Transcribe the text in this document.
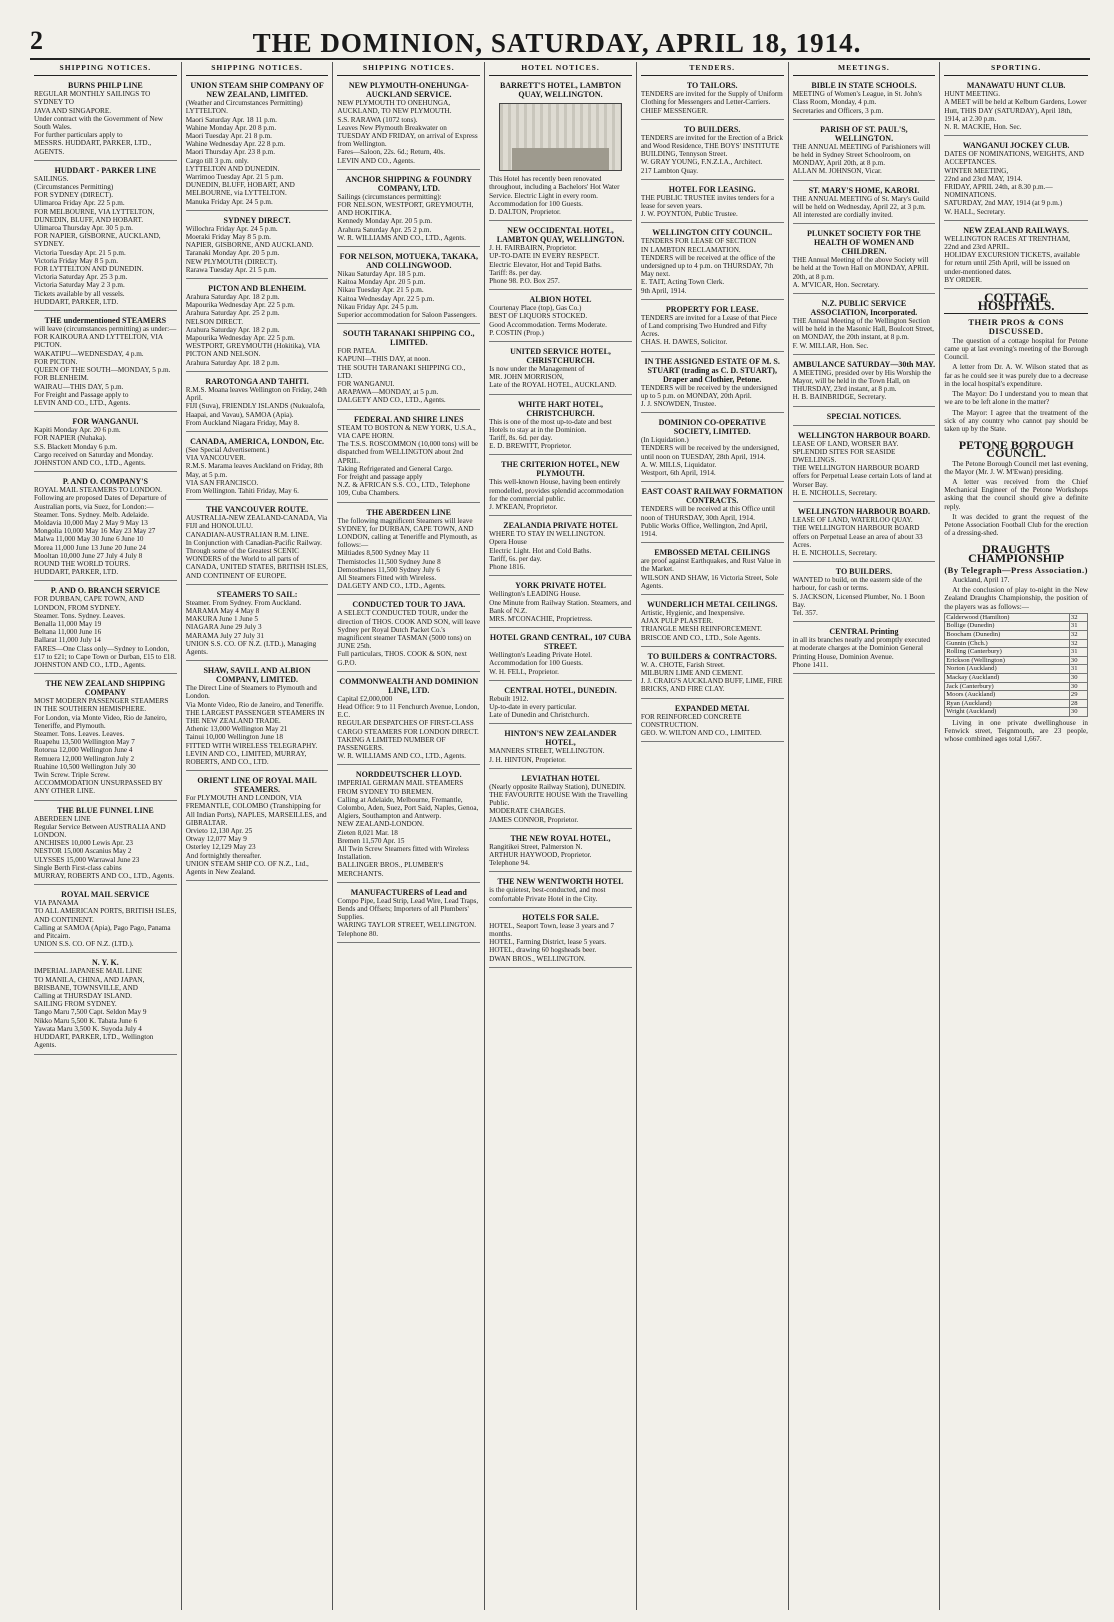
2	THE DOMINION, SATURDAY, APRIL 18, 1914.
SHIPPING NOTICES.
BURNS PHILP LINE
REGULAR MONTHLY SAILINGS TO SYDNEY TO
JAVA AND SINGAPORE.
Under contract with the Government of New South Wales.
For further particulars apply to
MESSRS. HUDDART, PARKER, LTD., AGENTS.
HUDDART - PARKER LINE
SAILINGS.
(Circumstances Permitting)
FOR SYDNEY (DIRECT).
Ulimaroa Friday Apr. 22 5 p.m.
FOR MELBOURNE, VIA LYTTELTON, DUNEDIN, BLUFF, AND HOBART.
Ulimaroa Thursday Apr. 30 5 p.m.
FOR NAPIER, GISBORNE, AUCKLAND, SYDNEY.
Victoria Tuesday Apr. 21 5 p.m.
Victoria Friday May 8 5 p.m.
FOR LYTTELTON AND DUNEDIN.
Victoria Saturday Apr. 25 3 p.m.
Victoria Saturday May 2 3 p.m.
Tickets available by all vessels.
HUDDART, PARKER, LTD.
THE undermentioned STEAMERS
will leave (circumstances permitting) as under:—
FOR KAIKOURA AND LYTTELTON, VIA PICTON.
WAKATIPU—WEDNESDAY, 4 p.m.
FOR PICTON.
QUEEN OF THE SOUTH—MONDAY, 5 p.m.
FOR BLENHEIM.
WAIRAU—THIS DAY, 5 p.m.
For Freight and Passage apply to
LEVIN AND CO., LTD., Agents.
FOR WANGANUI.
Kapiti Monday Apr. 20 6 p.m.
FOR NAPIER (Nuhaka).
S.S. Blackett Monday 6 p.m.
Cargo received on Saturday and Monday.
JOHNSTON AND CO., LTD., Agents.
P. AND O. COMPANY'S
ROYAL MAIL STEAMERS TO LONDON.
Following are proposed Dates of Departure of Australian ports, via Suez, for London:—
Steamer. Tons. Sydney. Melb. Adelaide.
Moldavia 10,000 May 2 May 9 May 13
Mongolia 10,000 May 16 May 23 May 27
Malwa 11,000 May 30 June 6 June 10
Morea 11,000 June 13 June 20 June 24
Mooltan 10,000 June 27 July 4 July 8
ROUND THE WORLD TOURS.
HUDDART, PARKER, LTD.
P. AND O. BRANCH SERVICE
FOR DURBAN, CAPE TOWN, AND LONDON, FROM SYDNEY.
Steamer. Tons. Sydney. Leaves.
Benalla 11,000 May 19
Beltana 11,000 June 16
Ballarat 11,000 July 14
FARES—One Class only—Sydney to London, £17 to £21; to Cape Town or Durban, £15 to £18.
JOHNSTON AND CO., LTD., Agents.
THE NEW ZEALAND SHIPPING COMPANY
MOST MODERN PASSENGER STEAMERS IN THE SOUTHERN HEMISPHERE.
For London, via Monte Video, Rio de Janeiro, Teneriffe, and Plymouth.
Steamer. Tons. Leaves. Leaves.
Ruapehu 13,500 Wellington May 7
Rotorua 12,000 Wellington June 4
Remuera 12,000 Wellington July 2
Ruahine 10,500 Wellington July 30
Twin Screw. Triple Screw.
ACCOMMODATION UNSURPASSED BY ANY OTHER LINE.
THE BLUE FUNNEL LINE
ABERDEEN LINE
Regular Service Between AUSTRALIA AND LONDON.
ANCHISES 10,000 Lewis Apr. 23
NESTOR 15,000 Ascanius May 2
ULYSSES 15,000 Warrawal June 23
Single Berth First-class cabins
MURRAY, ROBERTS AND CO., LTD., Agents.
ROYAL MAIL SERVICE
VIA PANAMA
TO ALL AMERICAN PORTS, BRITISH ISLES, AND CONTINENT.
Calling at SAMOA (Apia), Pago Pago, Panama and Pitcairn.
UNION S.S. CO. OF N.Z. (LTD.).
N. Y. K.
IMPERIAL JAPANESE MAIL LINE
TO MANILA, CHINA, AND JAPAN, BRISBANE, TOWNSVILLE, AND
Calling at THURSDAY ISLAND.
SAILING FROM SYDNEY.
Tango Maru 7,500 Capt. Seldon May 9
Nikko Maru 5,500 K. Tabata June 6
Yawata Maru 3,500 K. Suyoda July 4
HUDDART, PARKER, LTD., Wellington Agents.
SHIPPING NOTICES.
UNION STEAM SHIP COMPANY OF NEW ZEALAND, LIMITED.
(Weather and Circumstances Permitting)
LYTTELTON.
Maori Saturday Apr. 18 11 p.m.
Wahine Monday Apr. 20 8 p.m.
Maori Tuesday Apr. 21 8 p.m.
Wahine Wednesday Apr. 22 8 p.m.
Maori Thursday Apr. 23 8 p.m.
Cargo till 3 p.m. only.
LYTTELTON AND DUNEDIN.
Warrimoo Tuesday Apr. 21 5 p.m.
DUNEDIN, BLUFF, HOBART, AND MELBOURNE, via LYTTELTON.
Manuka Friday Apr. 24 5 p.m.
SYDNEY DIRECT.
Willochra Friday Apr. 24 5 p.m.
Moeraki Friday May 8 5 p.m.
NAPIER, GISBORNE, AND AUCKLAND.
Taranaki Monday Apr. 20 5 p.m.
NEW PLYMOUTH (DIRECT).
Rarawa Tuesday Apr. 21 5 p.m.
PICTON AND BLENHEIM.
Arahura Saturday Apr. 18 2 p.m.
Mapourika Wednesday Apr. 22 5 p.m.
Arahura Saturday Apr. 25 2 p.m.
NELSON DIRECT.
Arahura Saturday Apr. 18 2 p.m.
Mapourika Wednesday Apr. 22 5 p.m.
WESTPORT, GREYMOUTH (Hokitika), VIA PICTON AND NELSON.
Arahura Saturday Apr. 18 2 p.m.
RAROTONGA AND TAHITI.
R.M.S. Moana leaves Wellington on Friday, 24th April.
FIJI (Suva), FRIENDLY ISLANDS (Nukualofa, Haapai, and Vavau), SAMOA (Apia).
From Auckland Niagara Friday, May 8.
CANADA, AMERICA, LONDON, Etc.
(See Special Advertisement.)
VIA VANCOUVER.
R.M.S. Marama leaves Auckland on Friday, 8th May, at 5 p.m.
VIA SAN FRANCISCO.
From Wellington. Tahiti Friday, May 6.
THE VANCOUVER ROUTE.
AUSTRALIA-NEW ZEALAND-CANADA, Via FIJI and HONOLULU.
CANADIAN-AUSTRALIAN R.M. LINE.
In Conjunction with Canadian-Pacific Railway.
Through some of the Greatest SCENIC WONDERS of the World to all parts of CANADA, UNITED STATES, BRITISH ISLES, AND CONTINENT OF EUROPE.
STEAMERS TO SAIL:
Steamer. From Sydney. From Auckland.
MARAMA May 4 May 8
MAKURA June 1 June 5
NIAGARA June 29 July 3
MARAMA July 27 July 31
UNION S.S. CO. OF N.Z. (LTD.), Managing Agents.
SHAW, SAVILL AND ALBION COMPANY, LIMITED.
The Direct Line of Steamers to Plymouth and London.
Via Monte Video, Rio de Janeiro, and Teneriffe.
THE LARGEST PASSENGER STEAMERS IN THE NEW ZEALAND TRADE.
Athenic 13,000 Wellington May 21
Tainui 10,000 Wellington June 18
FITTED WITH WIRELESS TELEGRAPHY.
LEVIN AND CO., LIMITED, MURRAY, ROBERTS, AND CO., LTD.
ORIENT LINE OF ROYAL MAIL STEAMERS.
For PLYMOUTH AND LONDON, VIA FREMANTLE, COLOMBO (Transhipping for All Indian Ports), NAPLES, MARSEILLES, and GIBRALTAR.
Orvieto 12,130 Apr. 25
Otway 12,077 May 9
Osterley 12,129 May 23
And fortnightly thereafter.
UNION STEAM SHIP CO. OF N.Z., Ltd., Agents in New Zealand.
SHIPPING NOTICES.
NEW PLYMOUTH-ONEHUNGA-AUCKLAND SERVICE.
NEW PLYMOUTH TO ONEHUNGA, AUCKLAND, TO NEW PLYMOUTH.
S.S. RARAWA (1072 tons).
Leaves New Plymouth Breakwater on TUESDAY AND FRIDAY, on arrival of Express from Wellington.
Fares—Saloon, 22s. 6d.; Return, 40s.
LEVIN AND CO., Agents.
ANCHOR SHIPPING & FOUNDRY COMPANY, LTD.
Sailings (circumstances permitting):
FOR NELSON, WESTPORT, GREYMOUTH, AND HOKITIKA.
Kennedy Monday Apr. 20 5 p.m.
Arahura Saturday Apr. 25 2 p.m.
W. R. WILLIAMS AND CO., LTD., Agents.
FOR NELSON, MOTUEKA, TAKAKA, AND COLLINGWOOD.
Nikau Saturday Apr. 18 5 p.m.
Kaitoa Monday Apr. 20 5 p.m.
Nikau Tuesday Apr. 21 5 p.m.
Kaitoa Wednesday Apr. 22 5 p.m.
Nikau Friday Apr. 24 5 p.m.
Superior accommodation for Saloon Passengers.
SOUTH TARANAKI SHIPPING CO., LIMITED.
FOR PATEA.
KAPUNI—THIS DAY, at noon.
THE SOUTH TARANAKI SHIPPING CO., LTD.
FOR WANGANUI.
ARAPAWA—MONDAY, at 5 p.m.
DALGETY AND CO., LTD., Agents.
FEDERAL AND SHIRE LINES
STEAM TO BOSTON & NEW YORK, U.S.A., VIA CAPE HORN.
The T.S.S. ROSCOMMON (10,000 tons) will be dispatched from WELLINGTON about 2nd APRIL.
Taking Refrigerated and General Cargo.
For freight and passage apply
N.Z. & AFRICAN S.S. CO., LTD., Telephone 109, Cuba Chambers.
THE ABERDEEN LINE
The following magnificent Steamers will leave SYDNEY, for DURBAN, CAPE TOWN, AND LONDON, calling at Teneriffe and Plymouth, as follows:—
Miltiades 8,500 Sydney May 11
Themistocles 11,500 Sydney June 8
Demosthenes 11,500 Sydney July 6
All Steamers Fitted with Wireless.
DALGETY AND CO., LTD., Agents.
CONDUCTED TOUR TO JAVA.
A SELECT CONDUCTED TOUR, under the direction of THOS. COOK AND SON, will leave Sydney per Royal Dutch Packet Co.'s magnificent steamer TASMAN (5000 tons) on JUNE 25th.
Full particulars, THOS. COOK & SON, next G.P.O.
COMMONWEALTH AND DOMINION LINE, LTD.
Capital £2,000,000
Head Office: 9 to 11 Fenchurch Avenue, London, E.C.
REGULAR DESPATCHES OF FIRST-CLASS CARGO STEAMERS FOR LONDON DIRECT.
TAKING A LIMITED NUMBER OF PASSENGERS.
W. R. WILLIAMS AND CO., LTD., Agents.
NORDDEUTSCHER LLOYD.
IMPERIAL GERMAN MAIL STEAMERS FROM SYDNEY TO BREMEN.
Calling at Adelaide, Melbourne, Fremantle, Colombo, Aden, Suez, Port Said, Naples, Genoa, Algiers, Southampton and Antwerp.
NEW ZEALAND-LONDON.
Zieten 8,021 Mar. 18
Bremen 11,570 Apr. 15
All Twin Screw Steamers fitted with Wireless Installation.
BALLINGER BROS., PLUMBER'S MERCHANTS.
MANUFACTURERS of Lead and
Compo Pipe, Lead Strip, Lead Wire, Lead Traps, Bends and Offsets; Importers of all Plumbers' Supplies.
WARING TAYLOR STREET, WELLINGTON.
Telephone 80.
HOTEL NOTICES.
BARRETT'S HOTEL, LAMBTON QUAY, WELLINGTON.
This Hotel has recently been renovated throughout, including a Bachelors' Hot Water Service. Electric Light in every room.
Accommodation for 100 Guests.
D. DALTON, Proprietor.
NEW OCCIDENTAL HOTEL, LAMBTON QUAY, WELLINGTON.
J. H. FAIRBAIRN, Proprietor.
UP-TO-DATE IN EVERY RESPECT.
Electric Elevator, Hot and Tepid Baths.
Tariff: 8s. per day.
Phone 98. P.O. Box 257.
ALBION HOTEL
Courtenay Place (top), Gas Co.)
BEST OF LIQUORS STOCKED.
Good Accommodation. Terms Moderate.
P. COSTIN (Prop.)
UNITED SERVICE HOTEL, CHRISTCHURCH.
Is now under the Management of
MR. JOHN MORRISON,
Late of the ROYAL HOTEL, AUCKLAND.
WHITE HART HOTEL, CHRISTCHURCH.
This is one of the most up-to-date and best Hotels to stay at in the Dominion.
Tariff, 8s. 6d. per day.
E. D. BREWITT, Proprietor.
THE CRITERION HOTEL, NEW PLYMOUTH.
This well-known House, having been entirely remodelled, provides splendid accommodation for the commercial public.
J. M'KEAN, Proprietor.
ZEALANDIA PRIVATE HOTEL
WHERE TO STAY IN WELLINGTON.
Opera House
Electric Light. Hot and Cold Baths.
Tariff, 6s. per day.
Phone 1816.
YORK PRIVATE HOTEL
Wellington's LEADING House.
One Minute from Railway Station. Steamers, and Bank of N.Z.
MRS. M'CONACHIE, Proprietress.
HOTEL GRAND CENTRAL, 107 CUBA STREET.
Wellington's Leading Private Hotel. Accommodation for 100 Guests.
W. H. FELL, Proprietor.
CENTRAL HOTEL, DUNEDIN.
Rebuilt 1912.
Up-to-date in every particular.
Late of Dunedin and Christchurch.
HINTON'S NEW ZEALANDER HOTEL,
MANNERS STREET, WELLINGTON.
J. H. HINTON, Proprietor.
LEVIATHAN HOTEL
(Nearly opposite Railway Station), DUNEDIN.
THE FAVOURITE HOUSE With the Travelling Public.
MODERATE CHARGES.
JAMES CONNOR, Proprietor.
THE NEW ROYAL HOTEL,
Rangitikei Street, Palmerston N.
ARTHUR HAYWOOD, Proprietor.
Telephone 94.
THE NEW WENTWORTH HOTEL
is the quietest, best-conducted, and most comfortable Private Hotel in the City.
HOTELS FOR SALE.
HOTEL, Seaport Town, lease 3 years and 7 months.
HOTEL, Farming District, lease 5 years.
HOTEL, drawing 60 hogsheads beer.
DWAN BROS., WELLINGTON.
TENDERS.
TO TAILORS.
TENDERS are invited for the Supply of Uniform Clothing for Messengers and Letter-Carriers.
CHIEF MESSENGER.
TO BUILDERS.
TENDERS are invited for the Erection of a Brick and Wood Residence, THE BOYS' INSTITUTE BUILDING, Tennyson Street.
W. GRAY YOUNG, F.N.Z.I.A., Architect.
217 Lambton Quay.
HOTEL FOR LEASING.
THE PUBLIC TRUSTEE invites tenders for a lease for seven years.
J. W. POYNTON, Public Trustee.
WELLINGTON CITY COUNCIL.
TENDERS FOR LEASE OF SECTION
IN LAMBTON RECLAMATION.
TENDERS will be received at the office of the undersigned up to 4 p.m. on THURSDAY, 7th May next.
E. TAIT, Acting Town Clerk.
9th April, 1914.
PROPERTY FOR LEASE.
TENDERS are invited for a Lease of that Piece of Land comprising Two Hundred and Fifty Acres.
CHAS. H. DAWES, Solicitor.
IN THE ASSIGNED ESTATE OF M. S. STUART (trading as C. D. STUART), Draper and Clothier, Petone.
TENDERS will be received by the undersigned up to 5 p.m. on MONDAY, 20th April.
J. J. SNOWDEN, Trustee.
DOMINION CO-OPERATIVE SOCIETY, LIMITED.
(In Liquidation.)
TENDERS will be received by the undersigned, until noon on TUESDAY, 28th April, 1914.
A. W. MILLS, Liquidator.
Westport, 6th April, 1914.
EAST COAST RAILWAY FORMATION CONTRACTS.
TENDERS will be received at this Office until noon of THURSDAY, 30th April, 1914.
Public Works Office, Wellington, 2nd April, 1914.
EMBOSSED METAL CEILINGS
are proof against Earthquakes, and Rust Value in the Market.
WILSON AND SHAW, 16 Victoria Street, Sole Agents.
WUNDERLICH METAL CEILINGS.
Artistic, Hygienic, and Inexpensive.
AJAX PULP PLASTER.
TRIANGLE MESH REINFORCEMENT.
BRISCOE AND CO., LTD., Sole Agents.
TO BUILDERS & CONTRACTORS.
W. A. CHOTE, Farish Street.
MILBURN LIME AND CEMENT.
J. J. CRAIG'S AUCKLAND BUFF, LIME, FIRE BRICKS, AND FIRE CLAY.
EXPANDED METAL
FOR REINFORCED CONCRETE CONSTRUCTION.
GEO. W. WILTON AND CO., LIMITED.
MEETINGS.
BIBLE IN STATE SCHOOLS.
MEETING of Women's League, in St. John's Class Room, Monday, 4 p.m.
Secretaries and Officers, 3 p.m.
PARISH OF ST. PAUL'S, WELLINGTON.
THE ANNUAL MEETING of Parishioners will be held in Sydney Street Schoolroom, on MONDAY, April 20th, at 8 p.m.
ALLAN M. JOHNSON, Vicar.
ST. MARY'S HOME, KARORI.
THE ANNUAL MEETING of St. Mary's Guild will be held on Wednesday, April 22, at 3 p.m.
All interested are cordially invited.
PLUNKET SOCIETY FOR THE HEALTH OF WOMEN AND CHILDREN.
THE Annual Meeting of the above Society will be held at the Town Hall on MONDAY, APRIL 20th, at 8 p.m.
A. M'VICAR, Hon. Secretary.
N.Z. PUBLIC SERVICE ASSOCIATION, Incorporated.
THE Annual Meeting of the Wellington Section will be held in the Masonic Hall, Boulcott Street, on MONDAY, the 20th instant, at 8 p.m.
F. W. MILLAR, Hon. Sec.
AMBULANCE SATURDAY—30th MAY.
A MEETING, presided over by His Worship the Mayor, will be held in the Town Hall, on THURSDAY, 23rd instant, at 8 p.m.
H. B. BAINBRIDGE, Secretary.
SPECIAL NOTICES.
WELLINGTON HARBOUR BOARD.
LEASE OF LAND, WORSER BAY.
SPLENDID SITES FOR SEASIDE DWELLINGS.
THE WELLINGTON HARBOUR BOARD offers for Perpetual Lease certain Lots of land at Worser Bay.
H. E. NICHOLLS, Secretary.
WELLINGTON HARBOUR BOARD.
LEASE OF LAND, WATERLOO QUAY.
THE WELLINGTON HARBOUR BOARD offers on Perpetual Lease an area of about 33 Acres.
H. E. NICHOLLS, Secretary.
TO BUILDERS.
WANTED to build, on the eastern side of the harbour, for cash or terms.
S. JACKSON, Licensed Plumber, No. 1 Boon Bay.
Tel. 357.
CENTRAL Printing
in all its branches neatly and promptly executed at moderate charges at the Dominion General Printing House, Dominion Avenue.
Phone 1411.
SPORTING.
MANAWATU HUNT CLUB.
HUNT MEETING.
A MEET will be held at Kelburn Gardens, Lower Hutt, THIS DAY (SATURDAY), April 18th, 1914, at 2.30 p.m.
N. R. MACKIE, Hon. Sec.
WANGANUI JOCKEY CLUB.
DATES OF NOMINATIONS, WEIGHTS, AND ACCEPTANCES.
WINTER MEETING,
22nd and 23rd MAY, 1914.
FRIDAY, APRIL 24th, at 8.30 p.m.—NOMINATIONS.
SATURDAY, 2nd MAY, 1914 (at 9 p.m.)
W. HALL, Secretary.
NEW ZEALAND RAILWAYS.
WELLINGTON RACES AT TRENTHAM,
22nd and 23rd APRIL.
HOLIDAY EXCURSION TICKETS, available for return until 25th April, will be issued on under-mentioned dates.
BY ORDER.
COTTAGE HOSPITALS.
THEIR PROS & CONS DISCUSSED.

The question of a cottage hospital for Petone came up at last evening's meeting of the Borough Council.

A letter from Dr. A. W. Wilson stated that as far as he could see it was purely due to a decrease in the local hospital's expenditure.

The Mayor: Do I understand you to mean that we are to be left alone in the matter?

The Mayor: I agree that the treatment of the sick of any country who cannot pay should be taken up by the State.

PETONE BOROUGH COUNCIL.

The Petone Borough Council met last evening, the Mayor (Mr. J. W. M'Ewan) presiding.

A letter was received from the Chief Mechanical Engineer of the Petone Workshops asking that the council should give a definite reply.

It was decided to grant the request of the Petone Association Football Club for the erection of a dressing-shed.

DRAUGHTS CHAMPIONSHIP
(By Telegraph—Press Association.)

Auckland, April 17.

At the conclusion of play to-night in the New Zealand Draughts Championship, the position of the players was as follows:—

Calderwood (Hamilton)	32
Bollige (Dunedin)	31
Boocham (Dunedin)	32
Gunnin (Chch.)	32
Rolling (Canterbury)	31
Erickson (Wellington)	30
Norton (Auckland)	31
Mackay (Auckland)	30
Jack (Canterbury)	30
Moors (Auckland)	29
Ryan (Auckland)	28
Wright (Auckland)	30

Living in one private dwellinghouse in Fenwick street, Teignmouth, are 23 people, whose combined ages total 1,667.
